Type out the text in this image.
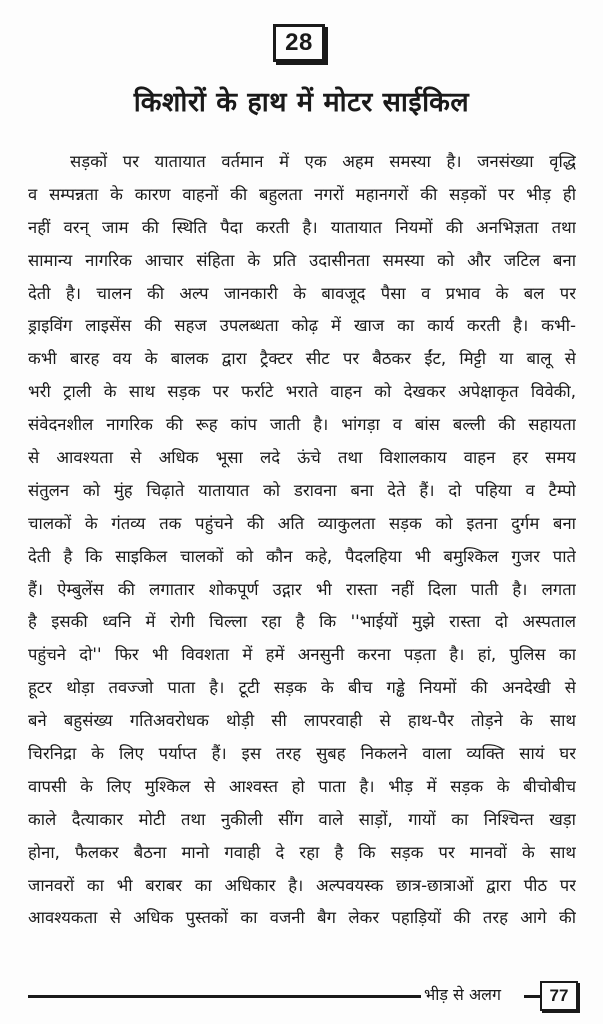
28
किशोरों के हाथ में मोटर साईकिल
सड़कों पर यातायात वर्तमान में एक अहम समस्या है। जनसंख्या वृद्धि
व सम्पन्नता के कारण वाहनों की बहुलता नगरों महानगरों की सड़कों पर भीड़ ही
नहीं वरन् जाम की स्थिति पैदा करती है। यातायात नियमों की अनभिज्ञता तथा
सामान्य नागरिक आचार संहिता के प्रति उदासीनता समस्या को और जटिल बना
देती है। चालन की अल्प जानकारी के बावजूद पैसा व प्रभाव के बल पर
ड्राइविंग लाइसेंस की सहज उपलब्धता कोढ़ में खाज का कार्य करती है। कभी-
कभी बारह वय के बालक द्वारा ट्रैक्टर सीट पर बैठकर ईंट, मिट्टी या बालू से
भरी ट्राली के साथ सड़क पर फर्राटे भराते वाहन को देखकर अपेक्षाकृत विवेकी,
संवेदनशील नागरिक की रूह कांप जाती है। भांगड़ा व बांस बल्ली की सहायता
से आवश्यता से अधिक भूसा लदे ऊंचे तथा विशालकाय वाहन हर समय
संतुलन को मुंह चिढ़ाते यातायात को डरावना बना देते हैं। दो पहिया व टैम्पो
चालकों के गंतव्य तक पहुंचने की अति व्याकुलता सड़क को इतना दुर्गम बना
देती है कि साइकिल चालकों को कौन कहे, पैदलहिया भी बमुश्किल गुजर पाते
हैं। ऐम्बुलेंस की लगातार शोकपूर्ण उद्गार भी रास्ता नहीं दिला पाती है। लगता
है इसकी ध्वनि में रोगी चिल्ला रहा है कि ''भाईयों मुझे रास्ता दो अस्पताल
पहुंचने दो'' फिर भी विवशता में हमें अनसुनी करना पड़ता है। हां, पुलिस का
हूटर थोड़ा तवज्जो पाता है। टूटी सड़क के बीच गड्ढे नियमों की अनदेखी से
बने बहुसंख्य गतिअवरोधक थोड़ी सी लापरवाही से हाथ-पैर तोड़ने के साथ
चिरनिद्रा के लिए पर्याप्त हैं। इस तरह सुबह निकलने वाला व्यक्ति सायं घर
वापसी के लिए मुश्किल से आश्वस्त हो पाता है। भीड़ में सड़क के बीचोबीच
काले दैत्याकार मोटी तथा नुकीली सींग वाले साड़ों, गायों का निश्चिन्त खड़ा
होना, फैलकर बैठना मानो गवाही दे रहा है कि सड़क पर मानवों के साथ
जानवरों का भी बराबर का अधिकार है। अल्पवयस्क छात्र-छात्राओं द्वारा पीठ पर
आवश्यकता से अधिक पुस्तकों का वजनी बैग लेकर पहाड़ियों की तरह आगे की
भीड़ से अलग	77
